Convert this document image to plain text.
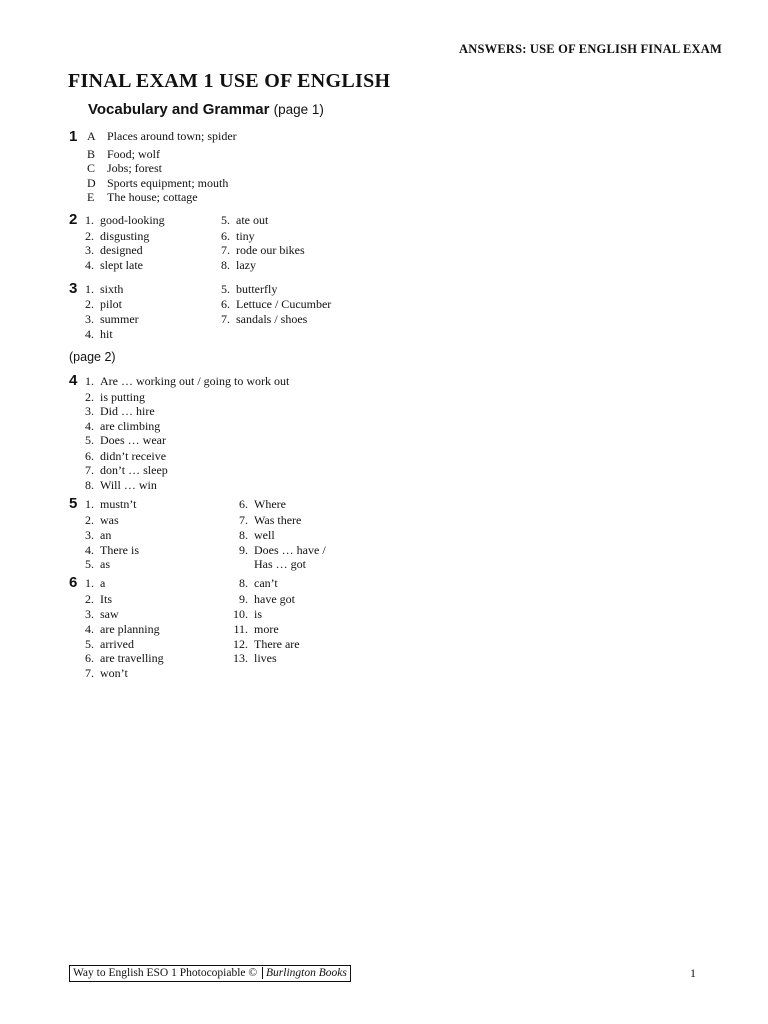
ANSWERS: USE OF ENGLISH FINAL EXAM
FINAL EXAM 1 USE OF ENGLISH
Vocabulary and Grammar (page 1)
1 A Places around town; spider
B Food; wolf
C Jobs; forest
D Sports equipment; mouth
E The house; cottage
2 1. good-looking
2. disgusting
3. designed
4. slept late
5. ate out
6. tiny
7. rode our bikes
8. lazy
3 1. sixth
2. pilot
3. summer
4. hit
5. butterfly
6. Lettuce / Cucumber
7. sandals / shoes
(page 2)
4 1. Are … working out / going to work out
2. is putting
3. Did … hire
4. are climbing
5. Does … wear
6. didn’t receive
7. don’t … sleep
8. Will … win
5 1. mustn’t
2. was
3. an
4. There is
5. as
6. Where
7. Was there
8. well
9. Does … have /
Has … got
6 1. a
2. Its
3. saw
4. are planning
5. arrived
6. are travelling
7. won’t
8. can’t
9. have got
10. is
11. more
12. There are
13. lives
Way to English ESO 1 Photocopiable © Burlington Books	1
